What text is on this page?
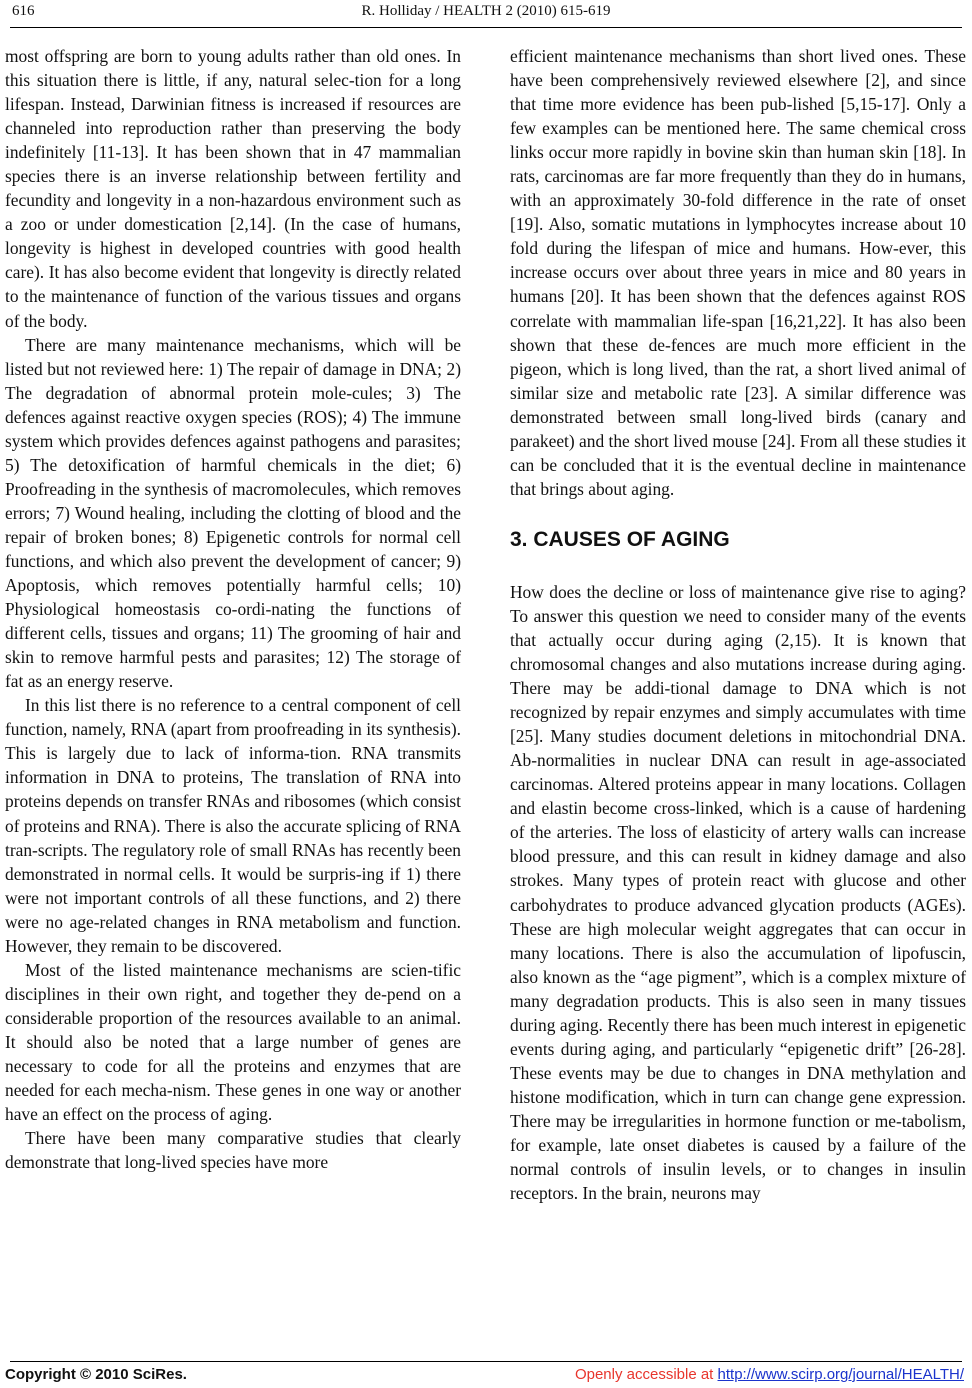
616	R. Holliday / HEALTH 2 (2010) 615-619

most offspring are born to young adults rather than old ones. In this situation there is little, if any, natural selec-tion for a long lifespan. Instead, Darwinian fitness is increased if resources are channeled into reproduction rather than preserving the body indefinitely [11-13]. It has been shown that in 47 mammalian species there is an inverse relationship between fertility and fecundity and longevity in a non-hazardous environment such as a zoo or under domestication [2,14]. (In the case of humans, longevity is highest in developed countries with good health care). It has also become evident that longevity is directly related to the maintenance of function of the various tissues and organs of the body.

There are many maintenance mechanisms, which will be listed but not reviewed here: 1) The repair of damage in DNA; 2) The degradation of abnormal protein mole-cules; 3) The defences against reactive oxygen species (ROS); 4) The immune system which provides defences against pathogens and parasites; 5) The detoxification of harmful chemicals in the diet; 6) Proofreading in the synthesis of macromolecules, which removes errors; 7) Wound healing, including the clotting of blood and the repair of broken bones; 8) Epigenetic controls for normal cell functions, and which also prevent the development of cancer; 9) Apoptosis, which removes potentially harmful cells; 10) Physiological homeostasis co-ordi-nating the functions of different cells, tissues and organs; 11) The grooming of hair and skin to remove harmful pests and parasites; 12) The storage of fat as an energy reserve.

In this list there is no reference to a central component of cell function, namely, RNA (apart from proofreading in its synthesis). This is largely due to lack of informa-tion. RNA transmits information in DNA to proteins, The translation of RNA into proteins depends on transfer RNAs and ribosomes (which consist of proteins and RNA). There is also the accurate splicing of RNA tran-scripts. The regulatory role of small RNAs has recently been demonstrated in normal cells. It would be surpris-ing if 1) there were not important controls of all these functions, and 2) there were no age-related changes in RNA metabolism and function. However, they remain to be discovered.

Most of the listed maintenance mechanisms are scien-tific disciplines in their own right, and together they de-pend on a considerable proportion of the resources available to an animal. It should also be noted that a large number of genes are necessary to code for all the proteins and enzymes that are needed for each mecha-nism. These genes in one way or another have an effect on the process of aging.

There have been many comparative studies that clearly demonstrate that long-lived species have more

efficient maintenance mechanisms than short lived ones. These have been comprehensively reviewed elsewhere [2], and since that time more evidence has been pub-lished [5,15-17]. Only a few examples can be mentioned here. The same chemical cross links occur more rapidly in bovine skin than human skin [18]. In rats, carcinomas are far more frequently than they do in humans, with an approximately 30-fold difference in the rate of onset [19]. Also, somatic mutations in lymphocytes increase about 10 fold during the lifespan of mice and humans. How-ever, this increase occurs over about three years in mice and 80 years in humans [20]. It has been shown that the defences against ROS correlate with mammalian life-span [16,21,22]. It has also been shown that these de-fences are much more efficient in the pigeon, which is long lived, than the rat, a short lived animal of similar size and metabolic rate [23]. A similar difference was demonstrated between small long-lived birds (canary and parakeet) and the short lived mouse [24]. From all these studies it can be concluded that it is the eventual decline in maintenance that brings about aging.

3. CAUSES OF AGING

How does the decline or loss of maintenance give rise to aging? To answer this question we need to consider many of the events that actually occur during aging (2,15). It is known that chromosomal changes and also mutations increase during aging. There may be addi-tional damage to DNA which is not recognized by repair enzymes and simply accumulates with time [25]. Many studies document deletions in mitochondrial DNA. Ab-normalities in nuclear DNA can result in age-associated carcinomas. Altered proteins appear in many locations. Collagen and elastin become cross-linked, which is a cause of hardening of the arteries. The loss of elasticity of artery walls can increase blood pressure, and this can result in kidney damage and also strokes. Many types of protein react with glucose and other carbohydrates to produce advanced glycation products (AGEs). These are high molecular weight aggregates that can occur in many locations. There is also the accumulation of lipofuscin, also known as the “age pigment”, which is a complex mixture of many degradation products. This is also seen in many tissues during aging. Recently there has been much interest in epigenetic events during aging, and particularly “epigenetic drift” [26-28]. These events may be due to changes in DNA methylation and histone modification, which in turn can change gene expression. There may be irregularities in hormone function or me-tabolism, for example, late onset diabetes is caused by a failure of the normal controls of insulin levels, or to changes in insulin receptors. In the brain, neurons may

Copyright © 2010 SciRes.	Openly accessible at http://www.scirp.org/journal/HEALTH/
